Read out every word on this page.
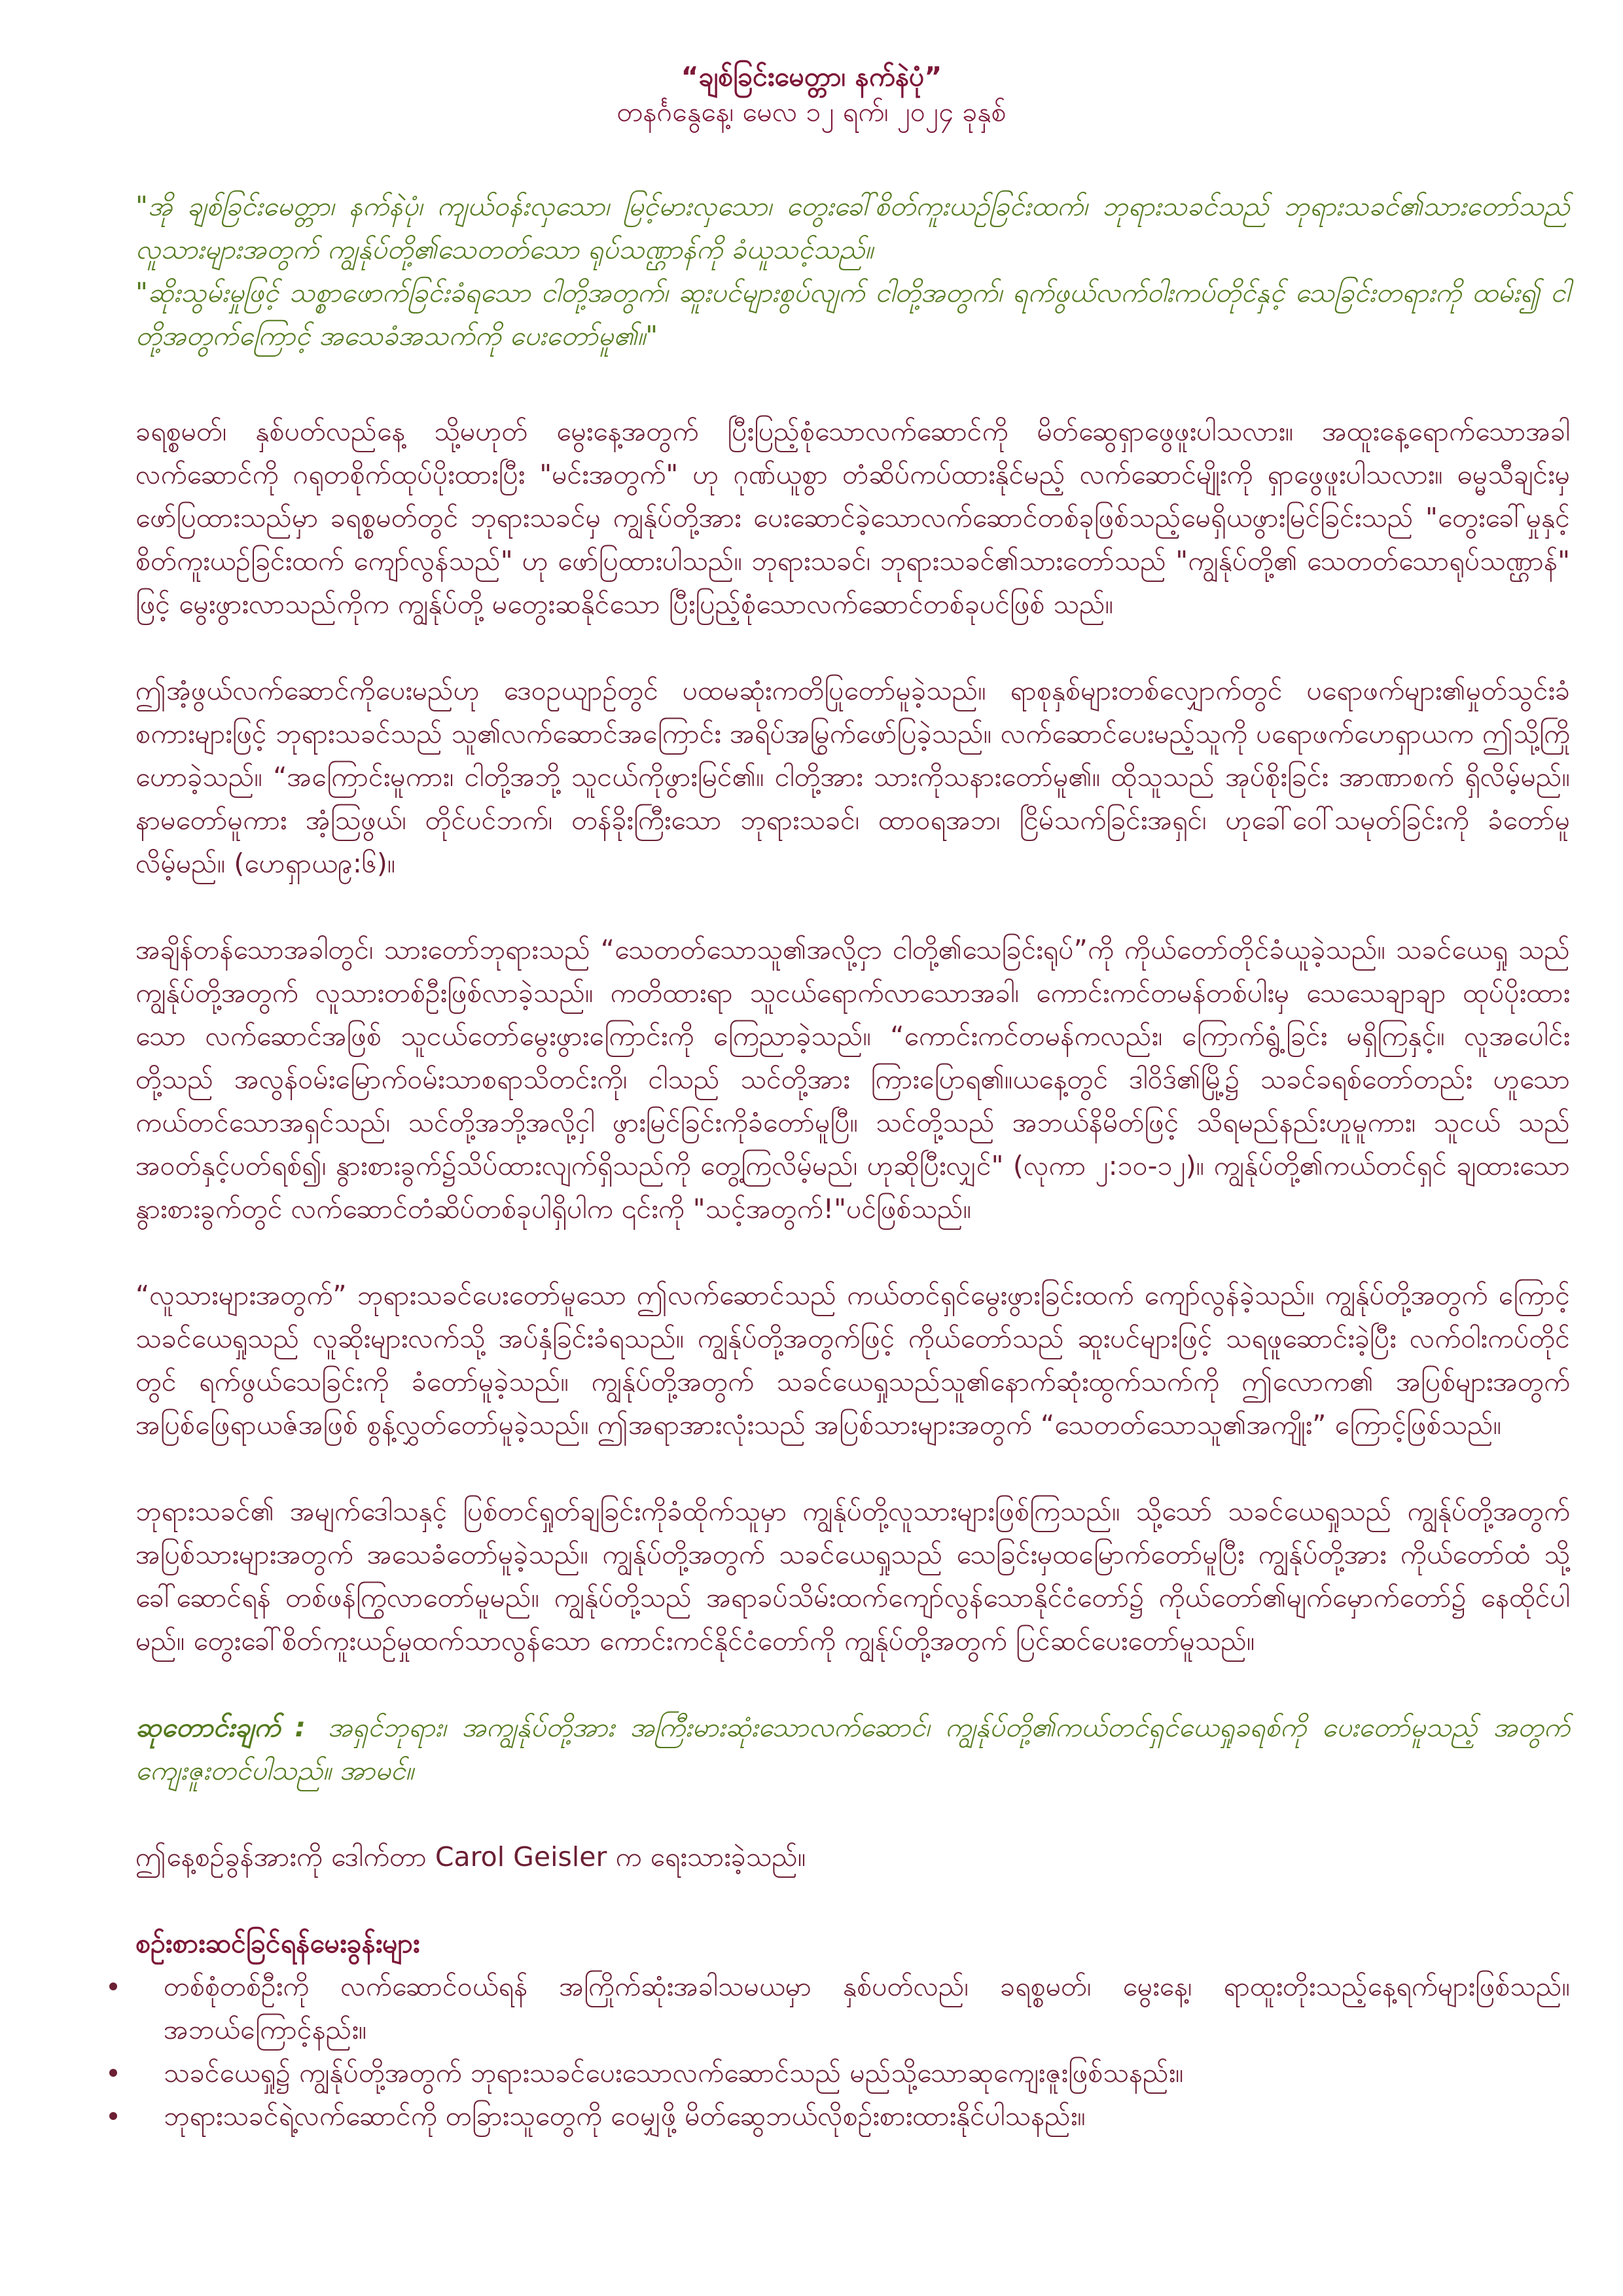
“ချစ်ခြင်းမေတ္တာ၊ နက်နဲပုံ”
တနင်္ဂနွေနေ့၊ မေလ ၁၂ ရက်၊ ၂၀၂၄ ခုနှစ်

"အို ချစ်ခြင်းမေတ္တာ၊ နက်နဲပုံ၊ ကျယ်ဝန်းလှသော၊ မြင့်မားလှသော၊ တွေးခေါ်စိတ်ကူးယဉ်ခြင်းထက်၊ ဘုရားသခင်သည် ဘုရားသခင်၏သားတော်သည် လူသားများအတွက် ကျွန်ုပ်တို့၏သေတတ်သော ရုပ်သဏ္ဌာန်ကို ခံယူသင့်သည်။

"ဆိုးသွမ်းမှုဖြင့် သစ္စာဖောက်ခြင်းခံရသော ငါတို့အတွက်၊ ဆူးပင်များစွပ်လျက် ငါတို့အတွက်၊ ရက်ဖွယ်လက်ဝါးကပ်တိုင်နှင့် သေခြင်းတရားကို ထမ်း၍ ငါတို့အတွက်ကြောင့် အသေခံအသက်ကို ပေးတော်မူ၏။"

ခရစ္စမတ်၊ နှစ်ပတ်လည်နေ့ သို့မဟုတ် မွေးနေ့အတွက် ပြီးပြည့်စုံသောလက်ဆောင်ကို မိတ်ဆွေရှာဖွေဖူးပါသလား။ အထူးနေ့ရောက်သောအခါ လက်ဆောင်ကို ဂရုတစိုက်ထုပ်ပိုးထားပြီး "မင်းအတွက်" ဟု ဂုဏ်ယူစွာ တံဆိပ်ကပ်ထားနိုင်မည့် လက်ဆောင်မျိုးကို ရှာဖွေဖူးပါသလား။ ဓမ္မသီချင်းမှ ဖော်ပြထားသည်မှာ ခရစ္စမတ်တွင် ဘုရားသခင်မှ ကျွန်ုပ်တို့အား ပေးဆောင်ခဲ့သောလက်ဆောင်တစ်ခုဖြစ်သည့်မေရှိယဖွားမြင်ခြင်းသည် "တွေးခေါ်မှုနှင့် စိတ်ကူးယဉ်ခြင်းထက် ကျော်လွန်သည်" ဟု ဖော်ပြထားပါသည်။ ဘုရားသခင်၊ ဘုရားသခင်၏သားတော်သည် "ကျွန်ုပ်တို့၏ သေတတ်သောရုပ်သဏ္ဌာန်" ဖြင့် မွေးဖွားလာသည်ကိုက ကျွန်ုပ်တို့ မတွေးဆနိုင်သော ပြီးပြည့်စုံသောလက်ဆောင်တစ်ခုပင်ဖြစ် သည်။

ဤအံ့ဖွယ်လက်ဆောင်ကိုပေးမည်ဟု ဒေဝဥယျာဉ်တွင် ပထမဆုံးကတိပြုတော်မူခဲ့သည်။ ရာစုနှစ်များတစ်လျှောက်တွင် ပရောဖက်များ၏မှုတ်သွင်းခံ စကားများဖြင့် ဘုရားသခင်သည် သူ၏လက်ဆောင်အကြောင်း အရိပ်အမြွက်ဖော်ပြခဲ့သည်။ လက်ဆောင်ပေးမည့်သူကို ပရောဖက်ဟေရှာယက ဤသို့ကြိုဟောခဲ့သည်။ “အကြောင်းမူကား၊ ငါတို့အဘို့ သူငယ်ကိုဖွားမြင်၏။ ငါတို့အား သားကိုသနားတော်မူ၏။ ထိုသူသည် အုပ်စိုးခြင်း အာဏာစက် ရှိလိမ့်မည်။ နာမတော်မူကား အံ့ဩဖွယ်၊ တိုင်ပင်ဘက်၊ တန်ခိုးကြီးသော ဘုရားသခင်၊ ထာဝရအဘ၊ ငြိမ်သက်ခြင်းအရှင်၊ ဟုခေါ်ဝေါ်သမုတ်ခြင်းကို ခံတော်မူလိမ့်မည်။ (ဟေရှာယ၉:၆)။

အချိန်တန်သောအခါတွင်၊ သားတော်ဘုရားသည် “သေတတ်သောသူ၏အလို့ငှာ ငါတို့၏သေခြင်းရုပ်”ကို ကိုယ်တော်တိုင်ခံယူခဲ့သည်။ သခင်ယေရှု သည် ကျွန်ုပ်တို့အတွက် လူသားတစ်ဦးဖြစ်လာခဲ့သည်။ ကတိထားရာ သူငယ်ရောက်လာသောအခါ၊ ကောင်းကင်တမန်တစ်ပါးမှ သေသေချာချာ ထုပ်ပိုးထားသော လက်ဆောင်အဖြစ် သူငယ်တော်မွေးဖွားကြောင်းကို ကြေညာခဲ့သည်။ “ကောင်းကင်တမန်ကလည်း၊ ကြောက်ရွံ့ခြင်း မရှိကြနှင့်။ လူအပေါင်းတို့သည် အလွန်ဝမ်းမြောက်ဝမ်းသာစရာသိတင်းကို၊ ငါသည် သင်တို့အား ကြားပြောရ၏။ယနေ့တွင် ဒါဝိဒ်၏မြို့၌ သခင်ခရစ်တော်တည်း ဟူသော ကယ်တင်သောအရှင်သည်၊ သင်တို့အဘို့အလို့ငှါ ဖွားမြင်ခြင်းကိုခံတော်မူပြီ။ သင်တို့သည် အဘယ်နိမိတ်ဖြင့် သိရမည်နည်းဟူမူကား၊ သူငယ် သည် အဝတ်နှင့်ပတ်ရစ်၍၊ နွားစားခွက်၌သိပ်ထားလျက်ရှိသည်ကို တွေ့ကြလိမ့်မည်၊ ဟုဆိုပြီးလျှင်" (လုကာ ၂:၁၀-၁၂)။ ကျွန်ုပ်တို့၏ကယ်တင်ရှင် ချထားသော နွားစားခွက်တွင် လက်ဆောင်တံဆိပ်တစ်ခုပါရှိပါက ၎င်းကို "သင့်အတွက်!"ပင်ဖြစ်သည်။

“လူသားများအတွက်” ဘုရားသခင်ပေးတော်မူသော ဤလက်ဆောင်သည် ကယ်တင်ရှင်မွေးဖွားခြင်းထက် ကျော်လွန်ခဲ့သည်။ ကျွန်ုပ်တို့အတွက် ကြောင့် သခင်ယေရှုသည် လူဆိုးများလက်သို့ အပ်နှံခြင်းခံရသည်။ ကျွန်ုပ်တို့အတွက်ဖြင့် ကိုယ်တော်သည် ဆူးပင်များဖြင့် သရဖူဆောင်းခဲ့ပြီး လက်ဝါးကပ်တိုင်တွင် ရက်ဖွယ်သေခြင်းကို ခံတော်မူခဲ့သည်။ ကျွန်ုပ်တို့အတွက် သခင်ယေရှုသည်သူ၏နောက်ဆုံးထွက်သက်ကို ဤလောက၏ အပြစ်များအတွက် အပြစ်ဖြေရာယဇ်အဖြစ် စွန့်လွှတ်တော်မူခဲ့သည်။ ဤအရာအားလုံးသည် အပြစ်သားများအတွက် “သေတတ်သောသူ၏အကျိုး” ကြောင့်ဖြစ်သည်။

ဘုရားသခင်၏ အမျက်ဒေါသနှင့် ပြစ်တင်ရှုတ်ချခြင်းကိုခံထိုက်သူမှာ ကျွန်ုပ်တို့လူသားများဖြစ်ကြသည်။ သို့သော် သခင်ယေရှုသည် ကျွန်ုပ်တို့အတွက် အပြစ်သားများအတွက် အသေခံတော်မူခဲ့သည်။ ကျွန်ုပ်တို့အတွက် သခင်ယေရှုသည် သေခြင်းမှထမြောက်တော်မူပြီး ကျွန်ုပ်တို့အား ကိုယ်တော်ထံ သို့ ခေါ်ဆောင်ရန် တစ်ဖန်ကြွလာတော်မူမည်။ ကျွန်ုပ်တို့သည် အရာခပ်သိမ်းထက်ကျော်လွန်သောနိုင်ငံတော်၌ ကိုယ်တော်၏မျက်မှောက်တော်၌ နေထိုင်ပါမည်။ တွေးခေါ်စိတ်ကူးယဉ်မှုထက်သာလွန်သော ကောင်းကင်နိုင်ငံတော်ကို ကျွန်ုပ်တို့အတွက် ပြင်ဆင်ပေးတော်မူသည်။

ဆုတောင်းချက် : အရှင်ဘုရား၊ အကျွန်ုပ်တို့အား အကြီးမားဆုံးသောလက်ဆောင်၊ ကျွန်ုပ်တို့၏ကယ်တင်ရှင်ယေရှုခရစ်ကို ပေးတော်မူသည့် အတွက် ကျေးဇူးတင်ပါသည်။ အာမင်။

ဤနေ့စဉ်ခွန်အားကို ဒေါက်တာ Carol Geisler က ရေးသားခဲ့သည်။

စဉ်းစားဆင်ခြင်ရန်မေးခွန်းများ

တစ်စုံတစ်ဦးကို လက်ဆောင်ဝယ်ရန် အကြိုက်ဆုံးအခါသမယမှာ နှစ်ပတ်လည်၊ ခရစ္စမတ်၊ မွေးနေ့၊ ရာထူးတိုးသည့်နေ့ရက်များဖြစ်သည်။ အဘယ်ကြောင့်နည်း။
သခင်ယေရှု၌ ကျွန်ုပ်တို့အတွက် ဘုရားသခင်ပေးသောလက်ဆောင်သည် မည်သို့သောဆုကျေးဇူးဖြစ်သနည်း။
ဘုရားသခင်ရဲ့လက်ဆောင်ကို တခြားသူတွေကို ဝေမျှဖို့ မိတ်ဆွေဘယ်လိုစဉ်းစားထားနိုင်ပါသနည်း။
